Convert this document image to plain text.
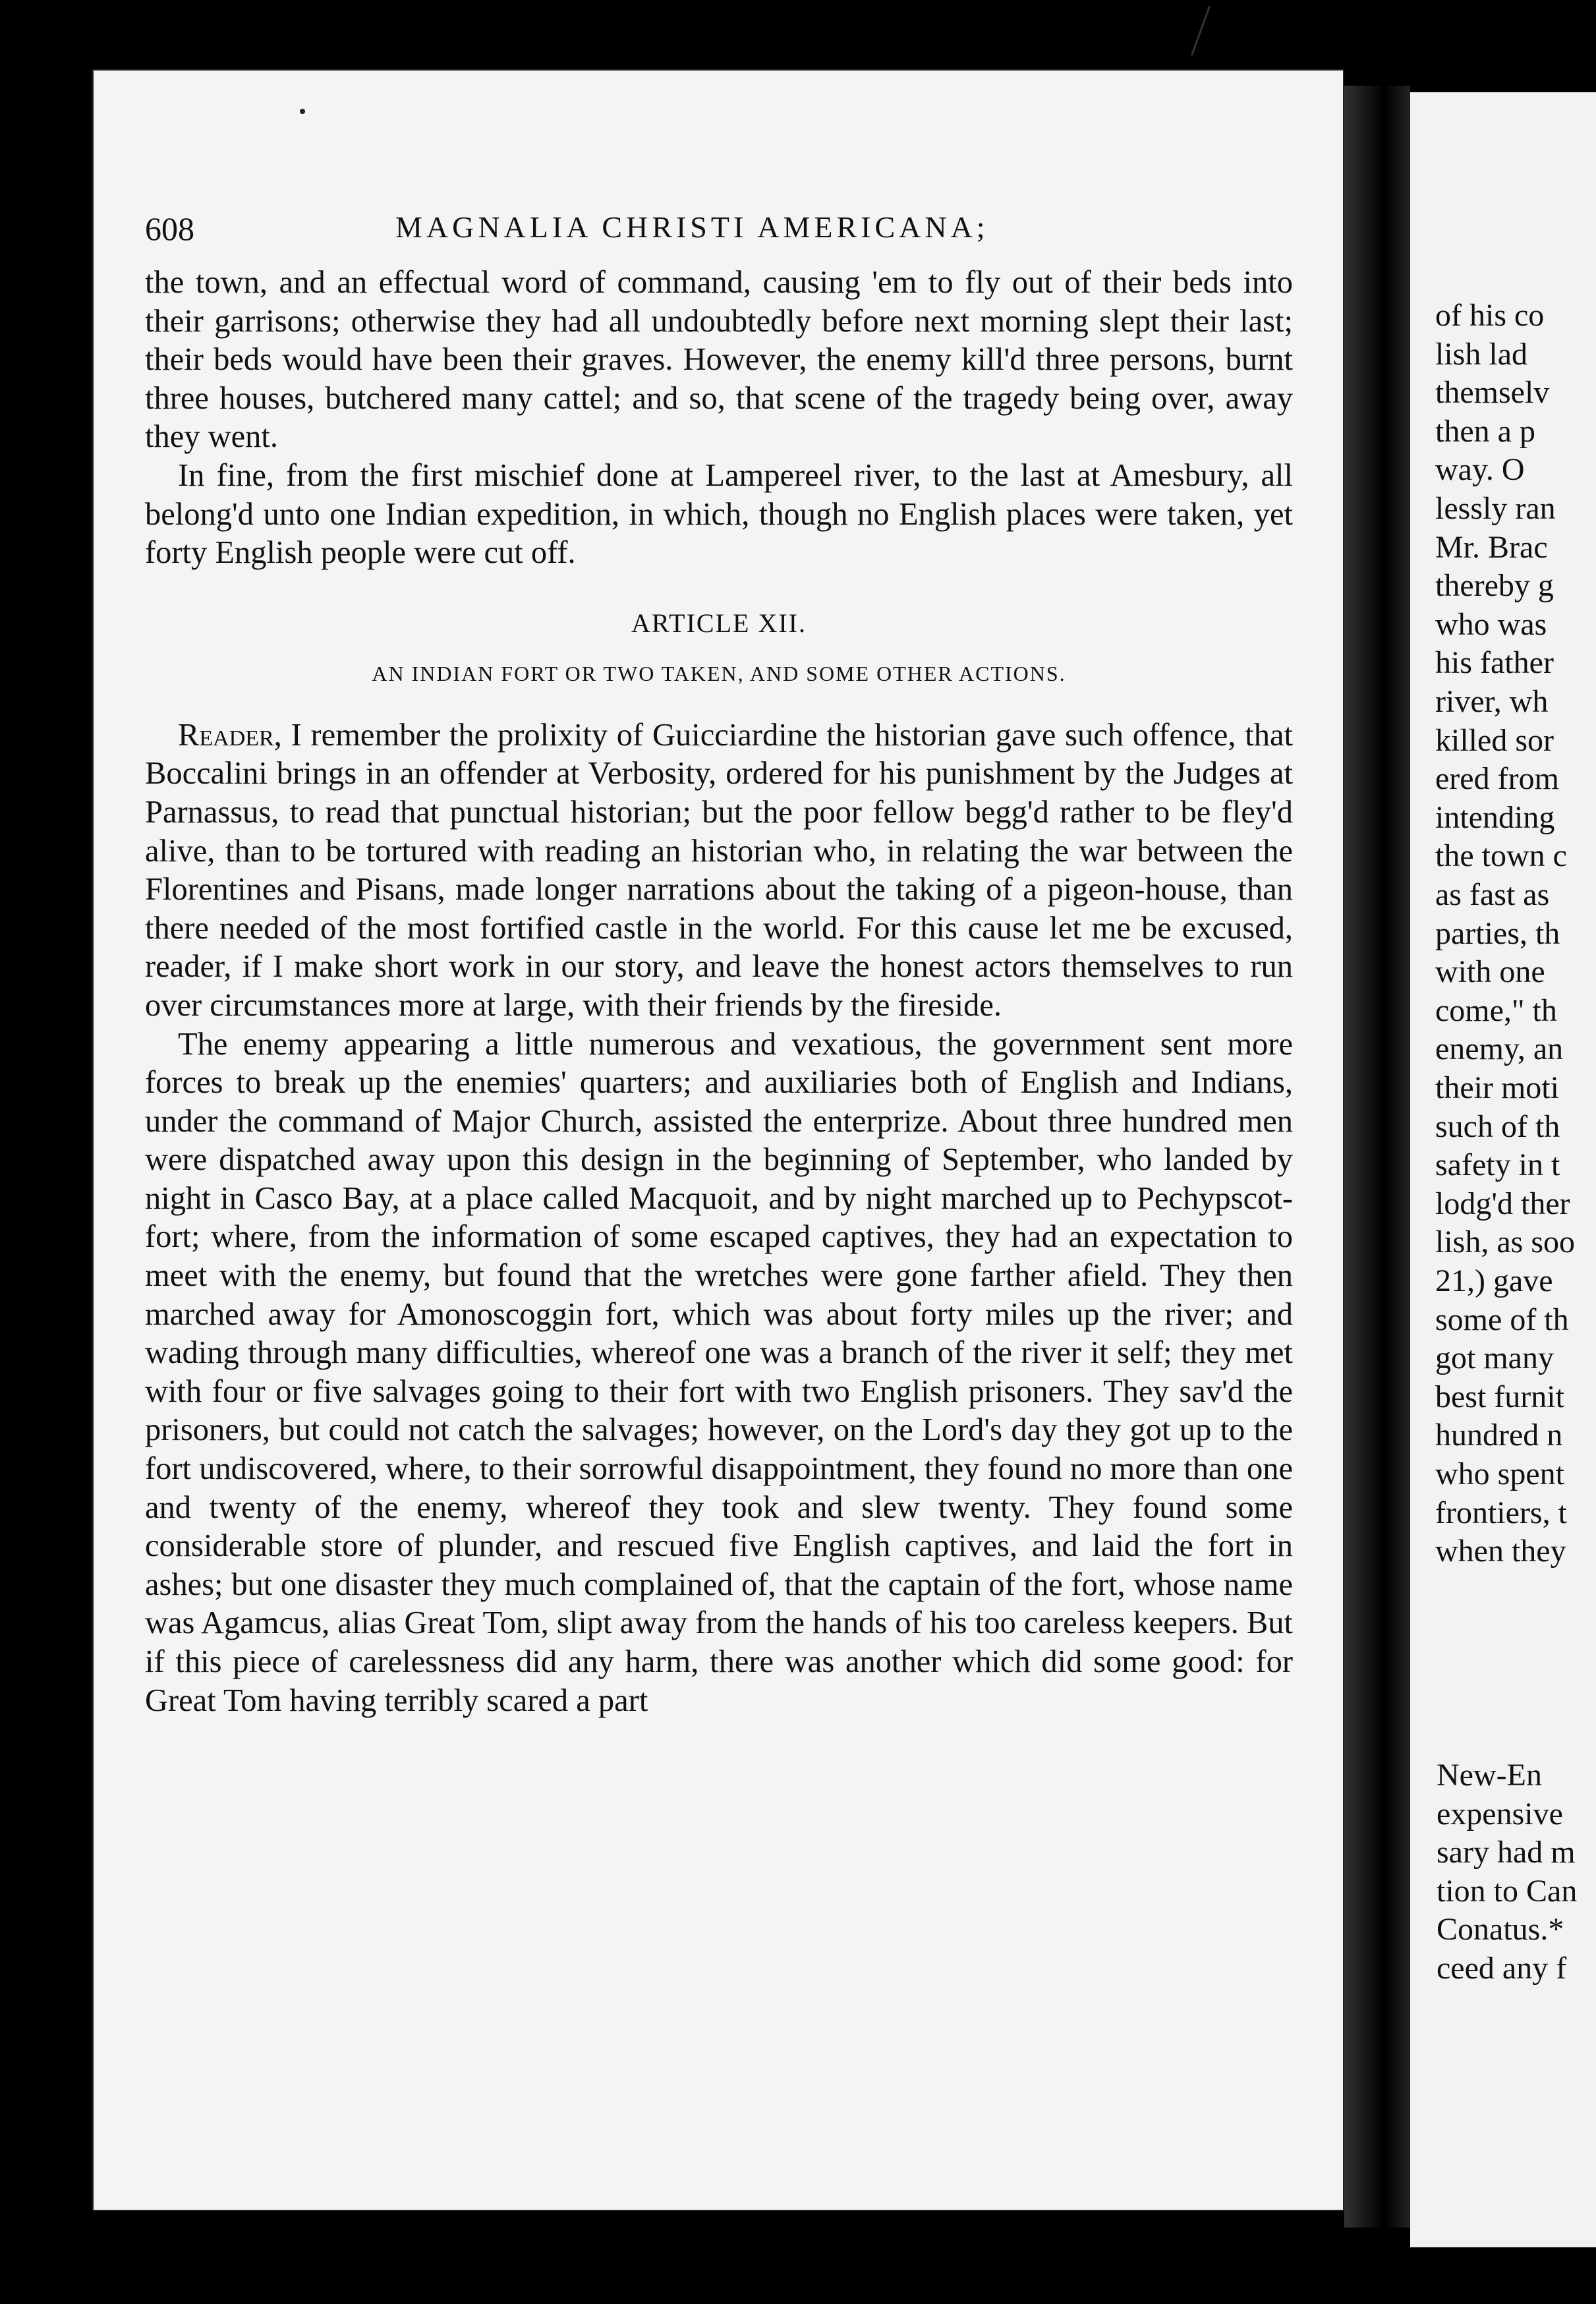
608	MAGNALIA CHRISTI AMERICANA;

the town, and an effectual word of command, causing 'em to fly out of their beds into their garrisons; otherwise they had all undoubtedly before next morning slept their last; their beds would have been their graves. However, the enemy kill'd three persons, burnt three houses, butchered many cattel; and so, that scene of the tragedy being over, away they went.

In fine, from the first mischief done at Lampereel river, to the last at Amesbury, all belong'd unto one Indian expedition, in which, though no English places were taken, yet forty English people were cut off.

ARTICLE XII.
AN INDIAN FORT OR TWO TAKEN, AND SOME OTHER ACTIONS.

Reader, I remember the prolixity of Guicciardine the historian gave such offence, that Boccalini brings in an offender at Verbosity, ordered for his punishment by the Judges at Parnassus, to read that punctual historian; but the poor fellow begg'd rather to be fley'd alive, than to be tortured with reading an historian who, in relating the war between the Florentines and Pisans, made longer narrations about the taking of a pigeon-house, than there needed of the most fortified castle in the world. For this cause let me be excused, reader, if I make short work in our story, and leave the honest actors themselves to run over circumstances more at large, with their friends by the fireside.

The enemy appearing a little numerous and vexatious, the government sent more forces to break up the enemies' quarters; and auxiliaries both of English and Indians, under the command of Major Church, assisted the enterprize. About three hundred men were dispatched away upon this design in the beginning of September, who landed by night in Casco Bay, at a place called Macquoit, and by night marched up to Pechypscot-fort; where, from the information of some escaped captives, they had an expectation to meet with the enemy, but found that the wretches were gone farther afield. They then marched away for Amonoscoggin fort, which was about forty miles up the river; and wading through many difficulties, whereof one was a branch of the river it self; they met with four or five salvages going to their fort with two English prisoners. They sav'd the prisoners, but could not catch the salvages; however, on the Lord's day they got up to the fort undiscovered, where, to their sorrowful disappointment, they found no more than one and twenty of the enemy, whereof they took and slew twenty. They found some considerable store of plunder, and rescued five English captives, and laid the fort in ashes; but one disaster they much complained of, that the captain of the fort, whose name was Agamcus, alias Great Tom, slipt away from the hands of his too careless keepers. But if this piece of carelessness did any harm, there was another which did some good: for Great Tom having terribly scared a part

of his co
lish lad
themselv
then a p
way. O
lessly ran
Mr. Brac
thereby g
who was
his father
river, wh
killed sor
ered from
intending
the town c
as fast as
parties, th
with one
come," th
enemy, an
their moti
such of th
safety in t
lodg'd ther
lish, as soo
21,) gave
some of th
got many
best furnit
hundred n
who spent
frontiers, t
when they
New-En
expensive
sary had m
tion to Can
Conatus.*
ceed any f
